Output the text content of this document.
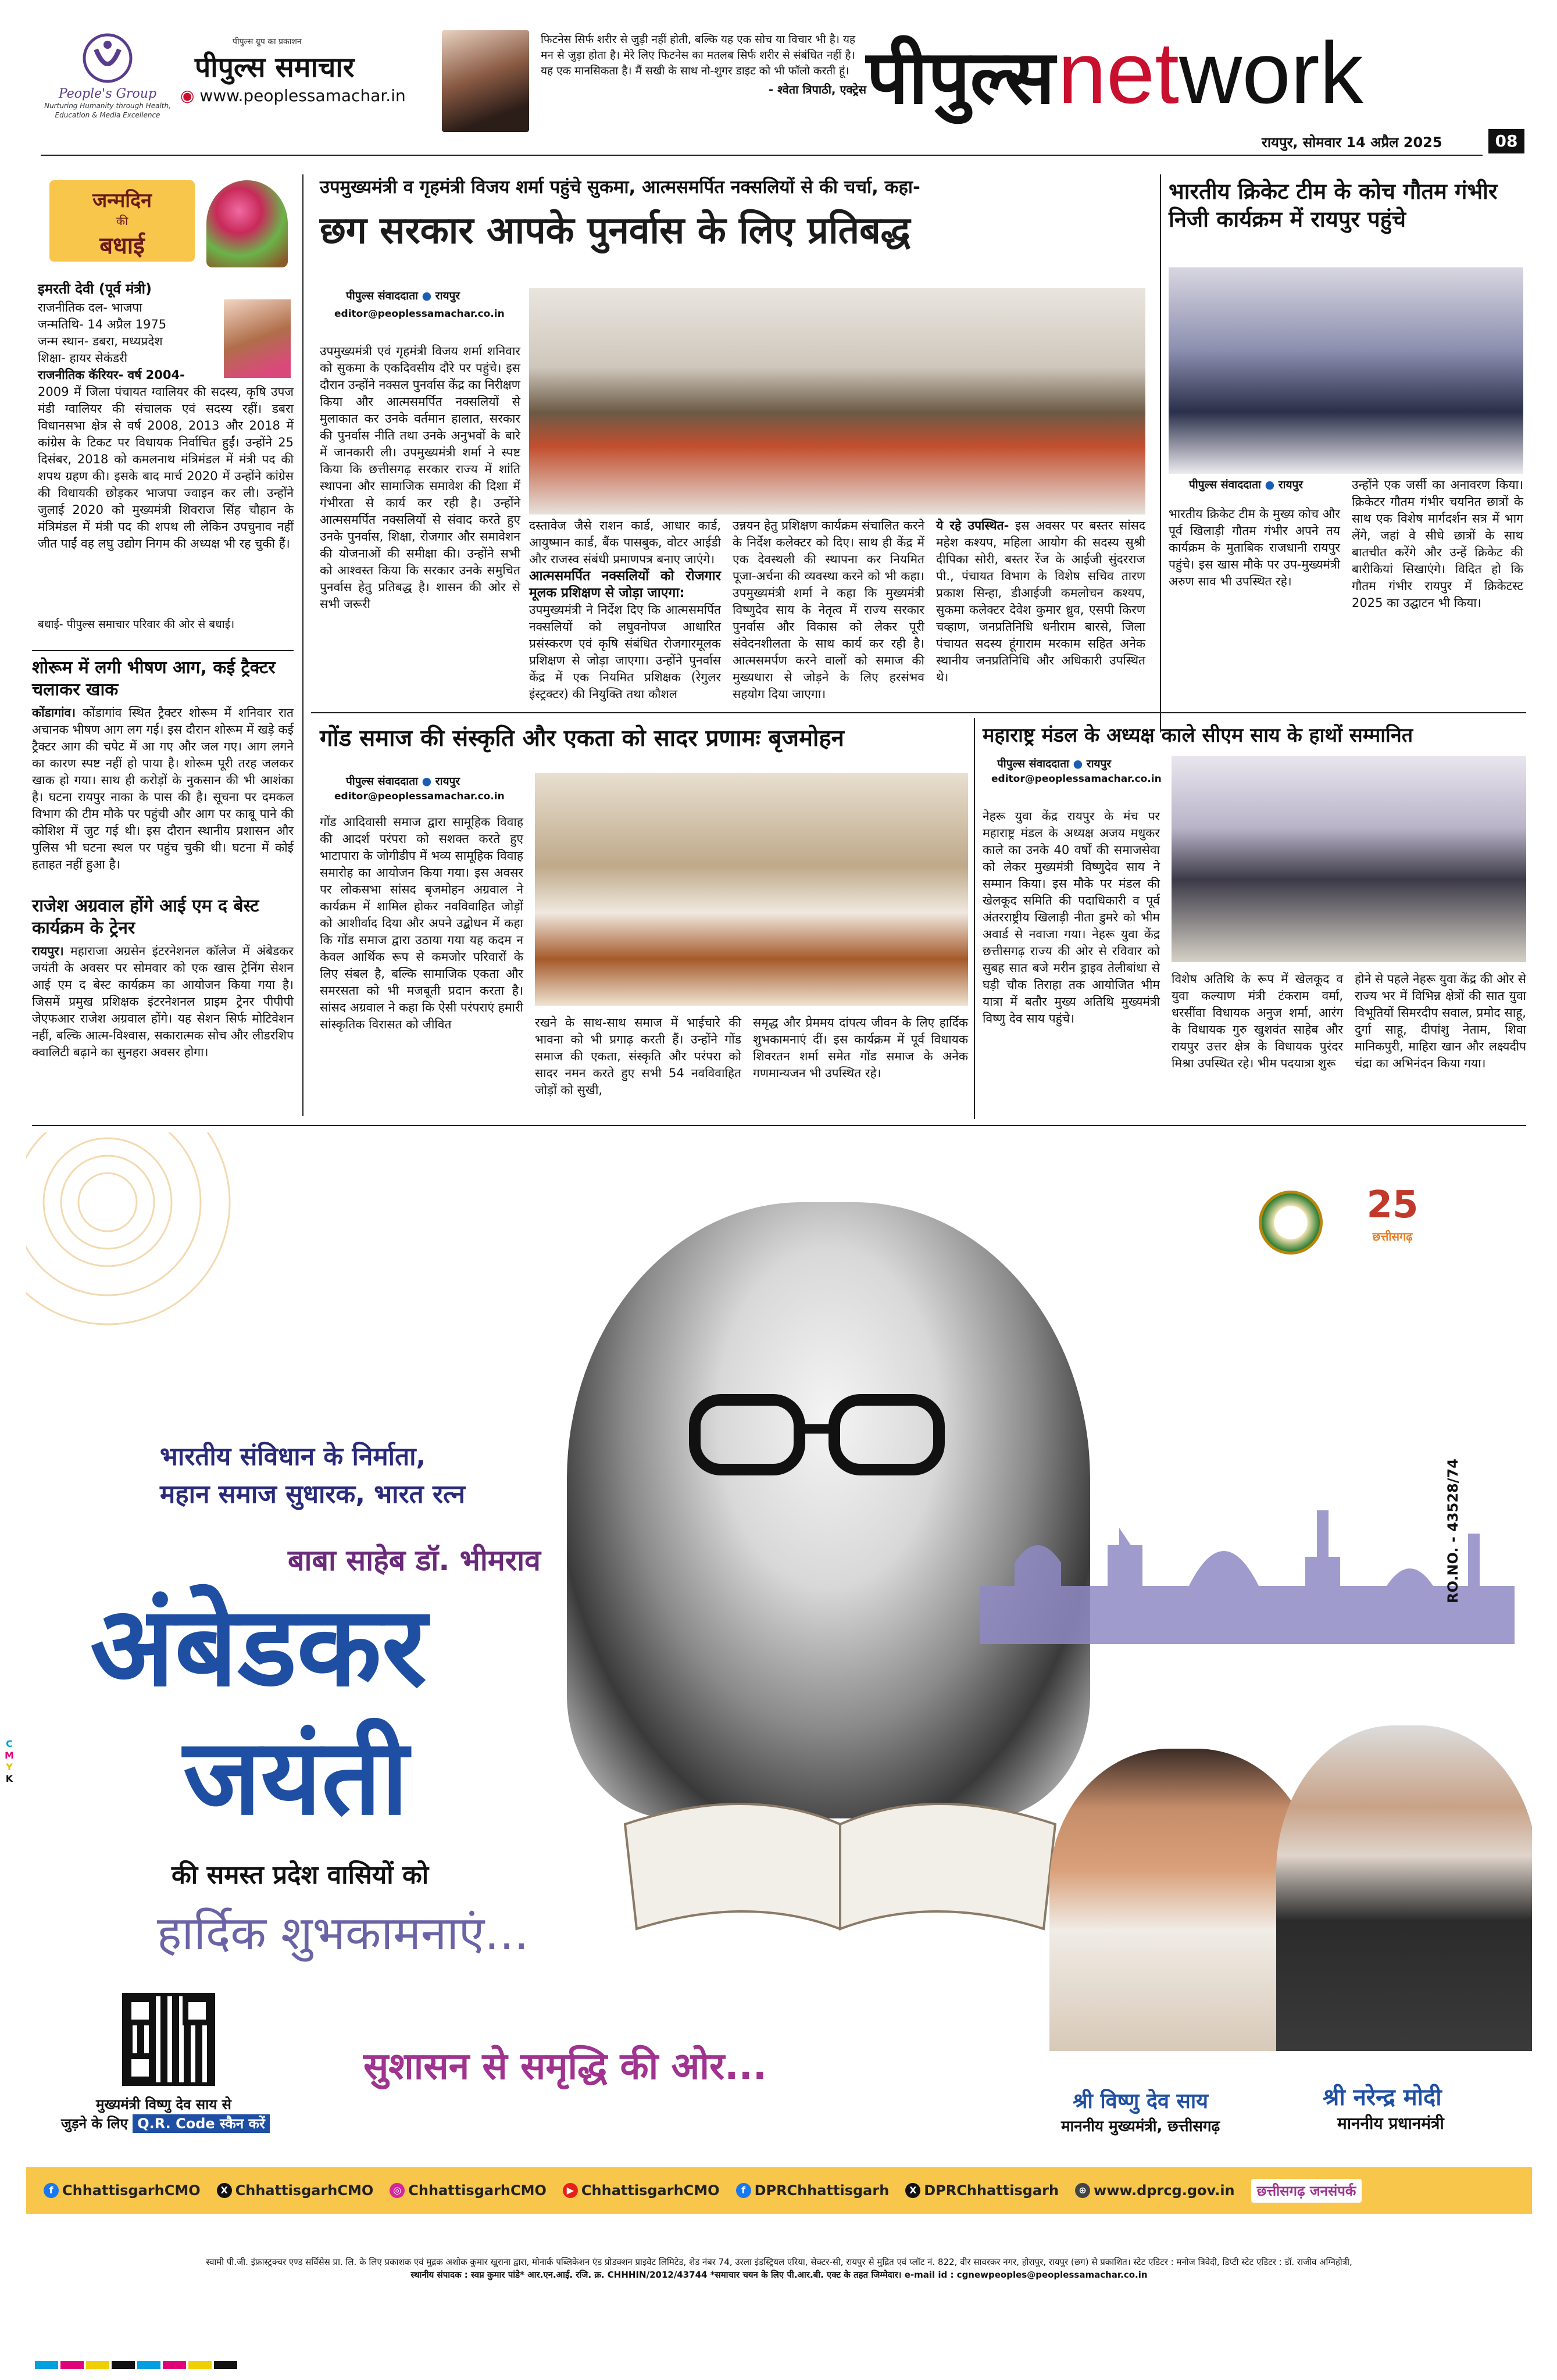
People's Group
Nurturing Humanity through Health, Education & Media Excellence
पीपुल्स ग्रुप का प्रकाशन
पीपुल्स समाचार
◉ www.peoplessamachar.in
फिटनेस सिर्फ शरीर से जुड़ी नहीं होती, बल्कि यह एक सोच या विचार भी है। यह मन से जुड़ा होता है। मेरे लिए फिटनेस का मतलब सिर्फ शरीर से संबंधित नहीं है। यह एक मानसिकता है। मैं सखी के साथ नो-शुगर डाइट को भी फॉलो करती हूं।
- श्वेता त्रिपाठी, एक्ट्रेस पीपुल्स network
रायपुर, सोमवार 14 अप्रैल 2025	08
जन्मदिन
की
बधाई
इमरती देवी (पूर्व मंत्री)
राजनीतिक दल- भाजपा
जन्मतिथि- 14 अप्रैल 1975
जन्म स्थान- डबरा, मध्यप्रदेश
शिक्षा- हायर सेकंडरी
राजनीतिक कॅरियर- वर्ष 2004-
2009 में जिला पंचायत ग्वालियर की सदस्य, कृषि उपज मंडी ग्वालियर की संचालक एवं सदस्य रहीं। डबरा विधानसभा क्षेत्र से वर्ष 2008, 2013 और 2018 में कांग्रेस के टिकट पर विधायक निर्वाचित हुईं। उन्होंने 25 दिसंबर, 2018 को कमलनाथ मंत्रिमंडल में मंत्री पद की शपथ ग्रहण की। इसके बाद मार्च 2020 में उन्होंने कांग्रेस की विधायकी छोड़कर भाजपा ज्वाइन कर ली। उन्होंने जुलाई 2020 को मुख्यमंत्री शिवराज सिंह चौहान के मंत्रिमंडल में मंत्री पद की शपथ ली लेकिन उपचुनाव नहीं जीत पाईं वह लघु उद्योग निगम की अध्यक्ष भी रह चुकी हैं।
बधाई- पीपुल्स समाचार परिवार की ओर से बधाई।
शोरूम में लगी भीषण आग, कई ट्रैक्टर चलाकर खाक
कोंडागांव। कोंडागांव स्थित ट्रैक्टर शोरूम में शनिवार रात अचानक भीषण आग लग गई। इस दौरान शोरूम में खड़े कई ट्रैक्टर आग की चपेट में आ गए और जल गए। आग लगने का कारण स्पष्ट नहीं हो पाया है। शोरूम पूरी तरह जलकर खाक हो गया। साथ ही करोड़ों के नुकसान की भी आशंका है। घटना रायपुर नाका के पास की है। सूचना पर दमकल विभाग की टीम मौके पर पहुंची और आग पर काबू पाने की कोशिश में जुट गई थी। इस दौरान स्थानीय प्रशासन और पुलिस भी घटना स्थल पर पहुंच चुकी थी। घटना में कोई हताहत नहीं हुआ है।
राजेश अग्रवाल होंगे आई एम द बेस्ट कार्यक्रम के ट्रेनर
रायपुर। महाराजा अग्रसेन इंटरनेशनल कॉलेज में अंबेडकर जयंती के अवसर पर सोमवार को एक खास ट्रेनिंग सेशन आई एम द बेस्ट कार्यक्रम का आयोजन किया गया है। जिसमें प्रमुख प्रशिक्षक इंटरनेशनल प्राइम ट्रेनर पीपीपी जेएफआर राजेश अग्रवाल होंगे। यह सेशन सिर्फ मोटिवेशन नहीं, बल्कि आत्म-विश्वास, सकारात्मक सोच और लीडरशिप क्वालिटी बढ़ाने का सुनहरा अवसर होगा।
उपमुख्यमंत्री व गृहमंत्री विजय शर्मा पहुंचे सुकमा, आत्मसमर्पित नक्सलियों से की चर्चा, कहा-
छग सरकार आपके पुनर्वास के लिए प्रतिबद्ध
पीपुल्स संवाददाता ● रायपुर
editor@peoplessamachar.co.in
उपमुख्यमंत्री एवं गृहमंत्री विजय शर्मा शनिवार को सुकमा के एकदिवसीय दौरे पर पहुंचे। इस दौरान उन्होंने नक्सल पुनर्वास केंद्र का निरीक्षण किया और आत्मसमर्पित नक्सलियों से मुलाकात कर उनके वर्तमान हालात, सरकार की पुनर्वास नीति तथा उनके अनुभवों के बारे में जानकारी ली। उपमुख्यमंत्री शर्मा ने स्पष्ट किया कि छत्तीसगढ़ सरकार राज्य में शांति स्थापना और सामाजिक समावेश की दिशा में गंभीरता से कार्य कर रही है। उन्होंने आत्मसमर्पित नक्सलियों से संवाद करते हुए उनके पुनर्वास, शिक्षा, रोजगार और समावेशन की योजनाओं की समीक्षा की। उन्होंने सभी को आश्वस्त किया कि सरकार उनके समुचित पुनर्वास हेतु प्रतिबद्ध है। शासन की ओर से सभी जरूरी
दस्तावेज जैसे राशन कार्ड, आधार कार्ड, आयुष्मान कार्ड, बैंक पासबुक, वोटर आईडी और राजस्व संबंधी प्रमाणपत्र बनाए जाएंगे।
आत्मसमर्पित नक्सलियों को रोजगार मूलक प्रशिक्षण से जोड़ा जाएगा:
उपमुख्यमंत्री ने निर्देश दिए कि आत्मसमर्पित नक्सलियों को लघुवनोपज आधारित प्रसंस्करण एवं कृषि संबंधित रोजगारमूलक प्रशिक्षण से जोड़ा जाएगा। उन्होंने पुनर्वास केंद्र में एक नियमित प्रशिक्षक (रेगुलर इंस्ट्रक्टर) की नियुक्ति तथा कौशल
उन्नयन हेतु प्रशिक्षण कार्यक्रम संचालित करने के निर्देश कलेक्टर को दिए। साथ ही केंद्र में एक देवस्थली की स्थापना कर नियमित पूजा-अर्चना की व्यवस्था करने को भी कहा। उपमुख्यमंत्री शर्मा ने कहा कि मुख्यमंत्री विष्णुदेव साय के नेतृत्व में राज्य सरकार पुनर्वास और विकास को लेकर पूरी संवेदनशीलता के साथ कार्य कर रही है। आत्मसमर्पण करने वालों को समाज की मुख्यधारा से जोड़ने के लिए हरसंभव सहयोग दिया जाएगा।
ये रहे उपस्थित- इस अवसर पर बस्तर सांसद महेश कश्यप, महिला आयोग की सदस्य सुश्री दीपिका सोरी, बस्तर रेंज के आईजी सुंदरराज पी., पंचायत विभाग के विशेष सचिव तारण प्रकाश सिन्हा, डीआईजी कमलोचन कश्यप, सुकमा कलेक्टर देवेश कुमार ध्रुव, एसपी किरण चव्हाण, जनप्रतिनिधि धनीराम बारसे, जिला पंचायत सदस्य हूंगाराम मरकाम सहित अनेक स्थानीय जनप्रतिनिधि और अधिकारी उपस्थित थे।
भारतीय क्रिकेट टीम के कोच गौतम गंभीर निजी कार्यक्रम में रायपुर पहुंचे
पीपुल्स संवाददाता ● रायपुर
भारतीय क्रिकेट टीम के मुख्य कोच और पूर्व खिलाड़ी गौतम गंभीर अपने तय कार्यक्रम के मुताबिक राजधानी रायपुर पहुंचे। इस खास मौके पर उप-मुख्यमंत्री अरुण साव भी उपस्थित रहे।
उन्होंने एक जर्सी का अनावरण किया। क्रिकेटर गौतम गंभीर चयनित छात्रों के साथ एक विशेष मार्गदर्शन सत्र में भाग लेंगे, जहां वे सीधे छात्रों के साथ बातचीत करेंगे और उन्हें क्रिकेट की बारीकियां सिखाएंगे। विदित हो कि गौतम गंभीर रायपुर में क्रिकेटस्ट 2025 का उद्घाटन भी किया।
गोंड समाज की संस्कृति और एकता को सादर प्रणामः बृजमोहन
पीपुल्स संवाददाता ● रायपुर
editor@peoplessamachar.co.in
गोंड आदिवासी समाज द्वारा सामूहिक विवाह की आदर्श परंपरा को सशक्त करते हुए भाटापारा के जोगीडीप में भव्य सामूहिक विवाह समारोह का आयोजन किया गया। इस अवसर पर लोकसभा सांसद बृजमोहन अग्रवाल ने कार्यक्रम में शामिल होकर नवविवाहित जोड़ों को आशीर्वाद दिया और अपने उद्बोधन में कहा कि गोंड समाज द्वारा उठाया गया यह कदम न केवल आर्थिक रूप से कमजोर परिवारों के लिए संबल है, बल्कि सामाजिक एकता और समरसता को भी मजबूती प्रदान करता है। सांसद अग्रवाल ने कहा कि ऐसी परंपराएं हमारी सांस्कृतिक विरासत को जीवित	रखने के साथ-साथ समाज में भाईचारे की भावना को भी प्रगाढ़ करती हैं। उन्होंने गोंड समाज की एकता, संस्कृति और परंपरा को सादर नमन करते हुए सभी 54 नवविवाहित जोड़ों को सुखी,
समृद्ध और प्रेममय दांपत्य जीवन के लिए हार्दिक शुभकामनाएं दीं। इस कार्यक्रम में पूर्व विधायक शिवरतन शर्मा समेत गोंड समाज के अनेक गणमान्यजन भी उपस्थित रहे।
महाराष्ट्र मंडल के अध्यक्ष काले सीएम साय के हाथों सम्मानित
पीपुल्स संवाददाता ● रायपुर
editor@peoplessamachar.co.in
नेहरू युवा केंद्र रायपुर के मंच पर महाराष्ट्र मंडल के अध्यक्ष अजय मधुकर काले का उनके 40 वर्षों की समाजसेवा को लेकर मुख्यमंत्री विष्णुदेव साय ने सम्मान किया। इस मौके पर मंडल की खेलकूद समिति की पदाधिकारी व पूर्व अंतरराष्ट्रीय खिलाड़ी नीता डुमरे को भीम अवार्ड से नवाजा गया। नेहरू युवा केंद्र छत्तीसगढ़ राज्य की ओर से रविवार को सुबह सात बजे मरीन ड्राइव तेलीबांधा से घड़ी चौक तिराहा तक आयोजित भीम यात्रा में बतौर मुख्य अतिथि मुख्यमंत्री विष्णु देव साय पहुंचे।
विशेष अतिथि के रूप में खेलकूद व युवा कल्याण मंत्री टंकराम वर्मा, धरसींवा विधायक अनुज शर्मा, आरंग के विधायक गुरु खुशवंत साहेब और रायपुर उत्तर क्षेत्र के विधायक पुरंदर मिश्रा उपस्थित रहे। भीम पदयात्रा शुरू
होने से पहले नेहरू युवा केंद्र की ओर से राज्य भर में विभिन्न क्षेत्रों की सात युवा विभूतियों सिमरदीप सवाल, प्रमोद साहू, दुर्गा साहू, दीपांशु नेताम, शिवा मानिकपुरी, माहिरा खान और लक्ष्यदीप चंद्रा का अभिनंदन किया गया।
25
छत्तीसगढ़
भारतीय संविधान के निर्माता,
महान समाज सुधारक, भारत रत्न
बाबा साहेब डॉ. भीमराव
अंबेडकर
जयंती
की समस्त प्रदेश वासियों को
हार्दिक शुभकामनाएं...
मुख्यमंत्री विष्णु देव साय से
जुड़ने के लिए Q.R. Code स्कैन करें
सुशासन से समृद्धि की ओर...
श्री विष्णु देव साय
माननीय मुख्यमंत्री, छत्तीसगढ़
श्री नरेन्द्र मोदी
माननीय प्रधानमंत्री
RO.NO. - 43528/74
f ChhattisgarhCMO	X ChhattisgarhCMO	◎ ChhattisgarhCMO	▶ ChhattisgarhCMO	f DPRChhattisgarh	X DPRChhattisgarh	⊕ www.dprcg.gov.in छत्तीसगढ़ जनसंपर्क
स्वामी पी.जी. इंफ्रास्ट्रक्चर एण्ड सर्विसेस प्रा. लि. के लिए प्रकाशक एवं मुद्रक अशोक कुमार खुराना द्वारा, मोनार्क पब्लिकेशन एंड प्रोडक्शन प्राइवेट लिमिटेड, शेड नंबर 74, उरला इंडस्ट्रियल एरिया, सेक्टर-सी, रायपुर से मुद्रित एवं प्लॉट नं. 822, वीर सावरकर नगर, होरापुर, रायपुर (छग) से प्रकाशित। स्टेट एडिटर : मनोज त्रिवेदी, डिप्टी स्टेट एडिटर : डॉ. राजीव अग्निहोत्री,
स्थानीय संपादक : स्वप्न कुमार पांडे* आर.एन.आई. रजि. क्र. CHHHIN/2012/43744 *समाचार चयन के लिए पी.आर.बी. एक्ट के तहत जिम्मेदार। e-mail id : cgnewpeoples@peoplessamachar.co.in
C
M
Y
K
